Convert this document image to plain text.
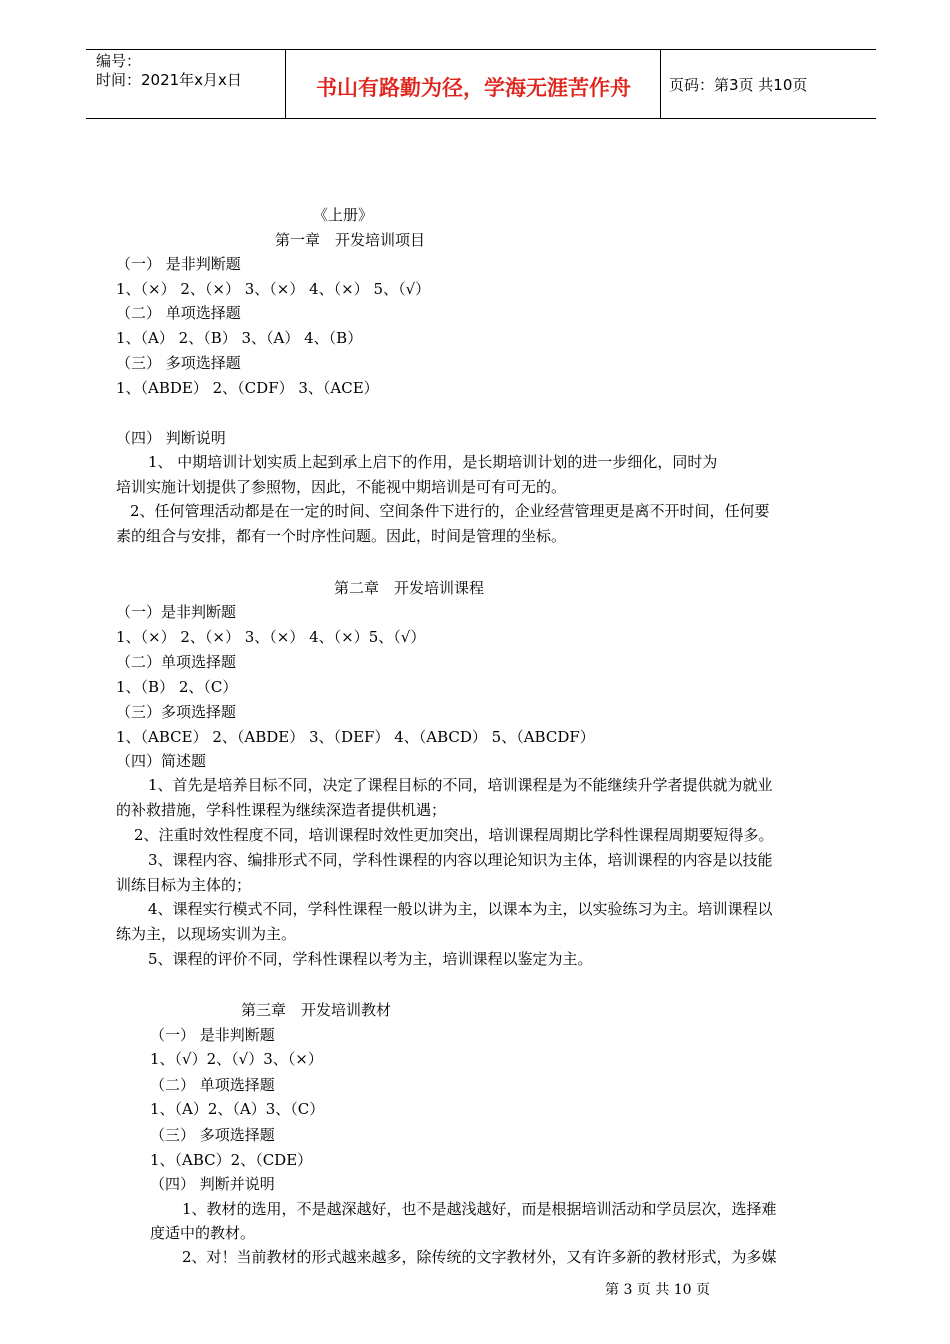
编号：
时间：2021年x月x日	书山有路勤为径，学海无涯苦作舟	页码：第3页 共10页
《上册》
第一章　开发培训项目
（一） 是非判断题
1、（×） 2、（×） 3、（×） 4、（×） 5、（√）
（二） 单项选择题
1、（A） 2、（B） 3、（A） 4、（B）
（三） 多项选择题
1、（ABDE） 2、（CDF） 3、（ACE）
（四） 判断说明
1、 中期培训计划实质上起到承上启下的作用，是长期培训计划的进一步细化，同时为
培训实施计划提供了参照物，因此，不能视中期培训是可有可无的。
2、任何管理活动都是在一定的时间、空间条件下进行的，企业经营管理更是离不开时间，任何要
素的组合与安排，都有一个时序性问题。因此，时间是管理的坐标。
第二章　开发培训课程
（一）是非判断题
1、（×） 2、（×） 3、（×） 4、（×）5、（√）
（二）单项选择题
1、（B） 2、（C）
（三）多项选择题
1、（ABCE） 2、（ABDE） 3、（DEF） 4、（ABCD） 5、（ABCDF）
（四）简述题
1、首先是培养目标不同，决定了课程目标的不同，培训课程是为不能继续升学者提供就为就业
的补救措施，学科性课程为继续深造者提供机遇；
2、注重时效性程度不同，培训课程时效性更加突出，培训课程周期比学科性课程周期要短得多。
3、课程内容、编排形式不同，学科性课程的内容以理论知识为主体，培训课程的内容是以技能
训练目标为主体的；
4、课程实行模式不同，学科性课程一般以讲为主，以课本为主，以实验练习为主。培训课程以
练为主，以现场实训为主。
5、课程的评价不同，学科性课程以考为主，培训课程以鉴定为主。
第三章　开发培训教材
（一） 是非判断题
1、（√）2、（√）3、（×）
（二） 单项选择题
1、（A）2、（A）3、（C）
（三） 多项选择题
1、（ABC）2、（CDE）
（四） 判断并说明
1、教材的选用，不是越深越好，也不是越浅越好，而是根据培训活动和学员层次，选择难
度适中的教材。
2、对！当前教材的形式越来越多，除传统的文字教材外，又有许多新的教材形式，为多媒
第 3 页 共 10 页
